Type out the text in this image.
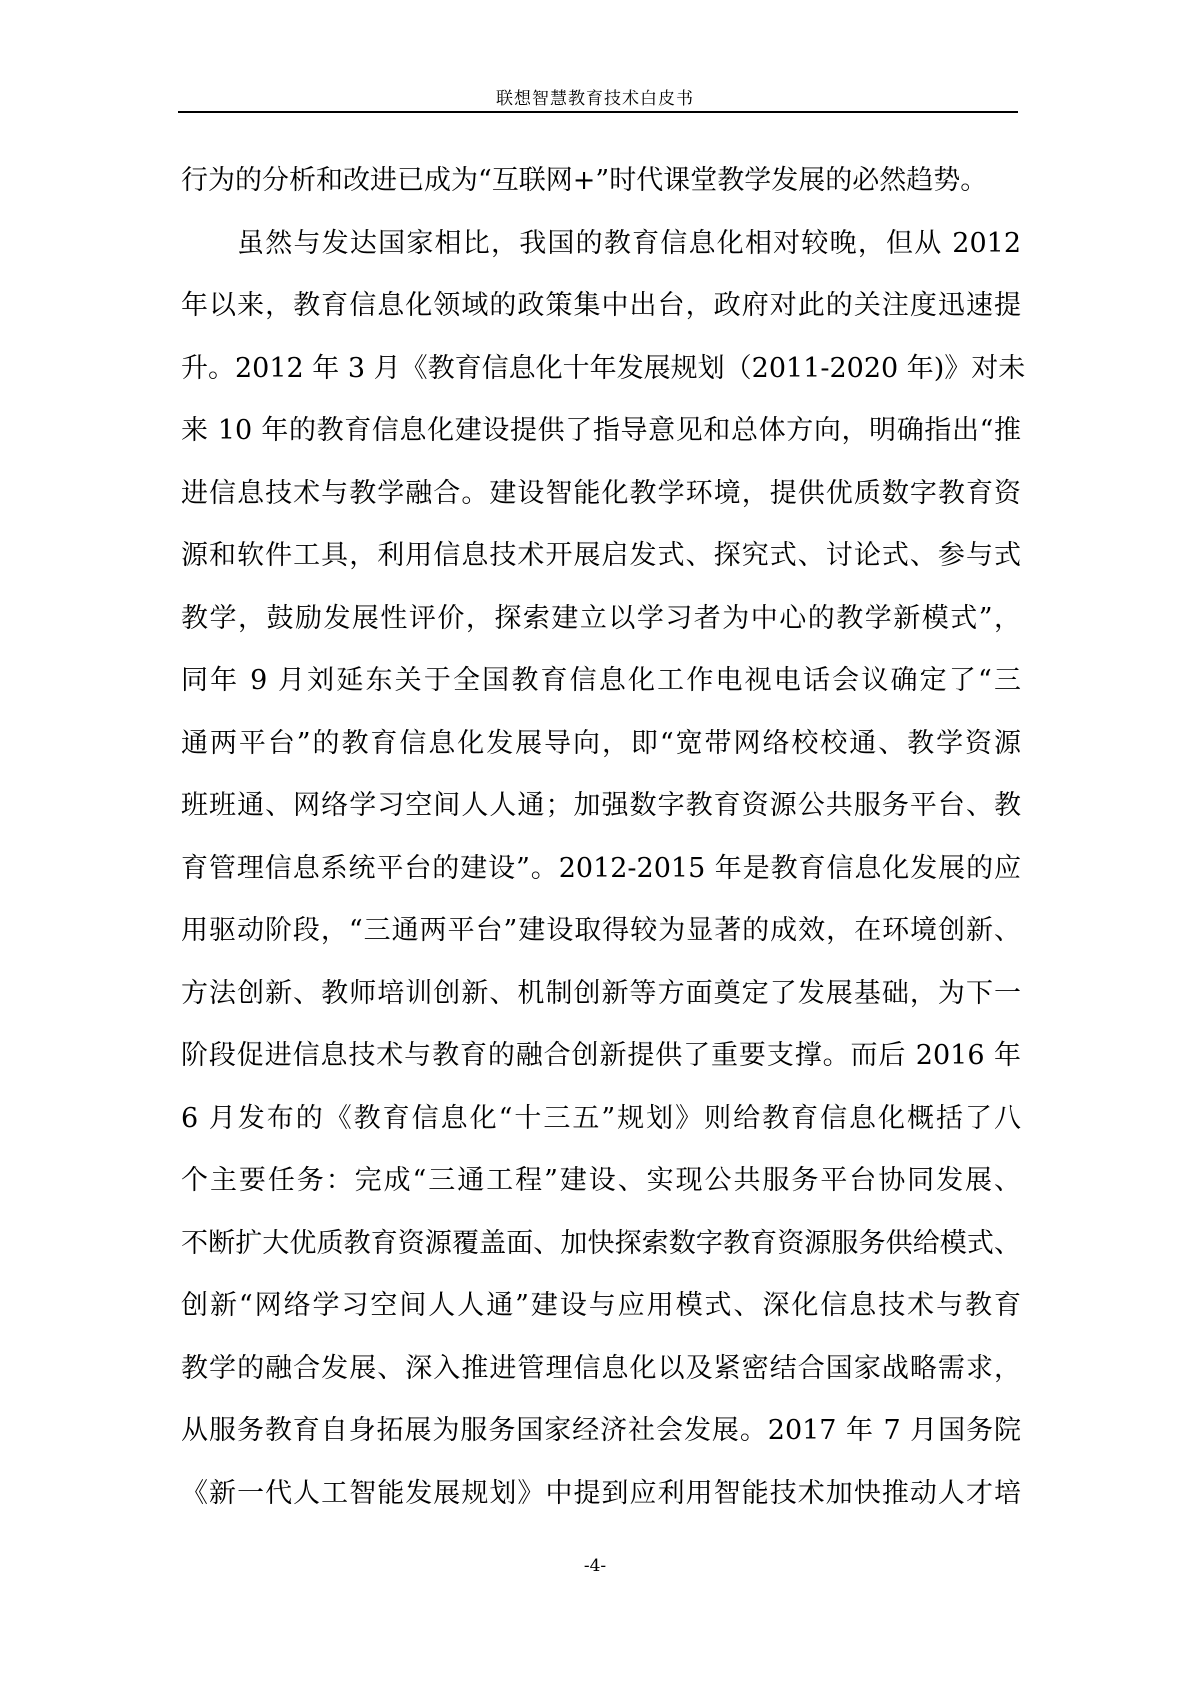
联想智慧教育技术白皮书
行为的分析和改进已成为“互联网+”时代课堂教学发展的必然趋势。
虽然与发达国家相比，我国的教育信息化相对较晚，但从 2012
年以来，教育信息化领域的政策集中出台，政府对此的关注度迅速提
升。2012 年 3 月《教育信息化十年发展规划（2011-2020 年)》对未
来 10 年的教育信息化建设提供了指导意见和总体方向，明确指出“推
进信息技术与教学融合。建设智能化教学环境，提供优质数字教育资
源和软件工具，利用信息技术开展启发式、探究式、讨论式、参与式
教学，鼓励发展性评价，探索建立以学习者为中心的教学新模式”，
同年 9 月刘延东关于全国教育信息化工作电视电话会议确定了“三
通两平台”的教育信息化发展导向，即“宽带网络校校通、教学资源
班班通、网络学习空间人人通；加强数字教育资源公共服务平台、教
育管理信息系统平台的建设”。2012-2015 年是教育信息化发展的应
用驱动阶段，“三通两平台”建设取得较为显著的成效，在环境创新、
方法创新、教师培训创新、机制创新等方面奠定了发展基础，为下一
阶段促进信息技术与教育的融合创新提供了重要支撑。而后 2016 年
6 月发布的《教育信息化“十三五”规划》则给教育信息化概括了八
个主要任务：完成“三通工程”建设、实现公共服务平台协同发展、
不断扩大优质教育资源覆盖面、加快探索数字教育资源服务供给模式、
创新“网络学习空间人人通”建设与应用模式、深化信息技术与教育
教学的融合发展、深入推进管理信息化以及紧密结合国家战略需求，
从服务教育自身拓展为服务国家经济社会发展。2017 年 7 月国务院
《新一代人工智能发展规划》中提到应利用智能技术加快推动人才培
-4-
